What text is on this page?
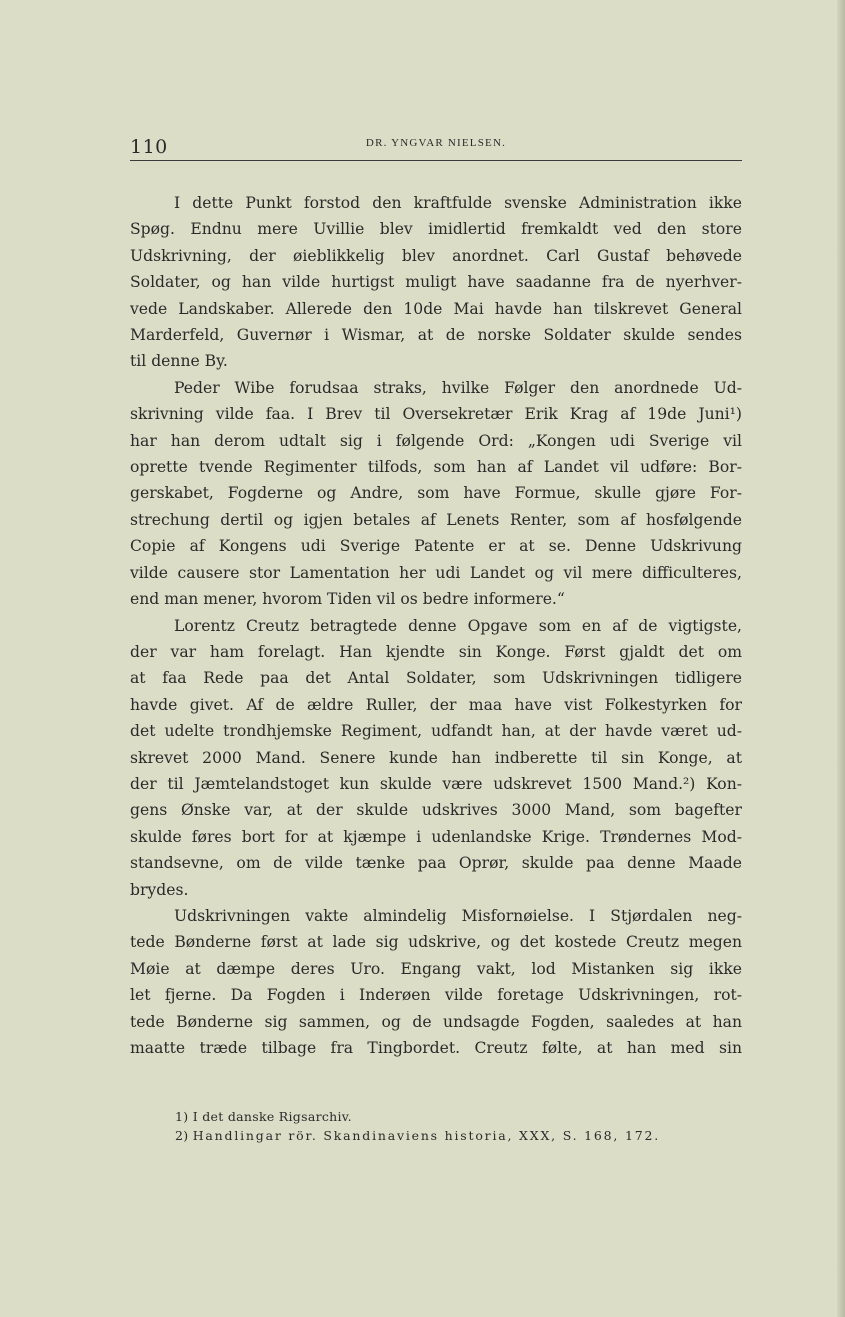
110	DR. YNGVAR NIELSEN.

I dette Punkt forstod den kraftfulde svenske Administration ikke
Spøg. Endnu mere Uvillie blev imidlertid fremkaldt ved den store
Udskrivning, der øieblikkelig blev anordnet. Carl Gustaf behøvede
Soldater, og han vilde hurtigst muligt have saadanne fra de nyerhver-
vede Landskaber. Allerede den 10de Mai havde han tilskrevet General
Marderfeld, Guvernør i Wismar, at de norske Soldater skulde sendes
til denne By.

Peder Wibe forudsaa straks, hvilke Følger den anordnede Ud-
skrivning vilde faa. I Brev til Oversekretær Erik Krag af 19de Juni¹)
har han derom udtalt sig i følgende Ord: „Kongen udi Sverige vil
oprette tvende Regimenter tilfods, som han af Landet vil udføre: Bor-
gerskabet, Fogderne og Andre, som have Formue, skulle gjøre For-
strechung dertil og igjen betales af Lenets Renter, som af hosfølgende
Copie af Kongens udi Sverige Patente er at se. Denne Udskrivung
vilde causere stor Lamentation her udi Landet og vil mere difficulteres,
end man mener, hvorom Tiden vil os bedre informere.“

Lorentz Creutz betragtede denne Opgave som en af de vigtigste,
der var ham forelagt. Han kjendte sin Konge. Først gjaldt det om
at faa Rede paa det Antal Soldater, som Udskrivningen tidligere
havde givet. Af de ældre Ruller, der maa have vist Folkestyrken for
det udelte trondhjemske Regiment, udfandt han, at der havde været ud-
skrevet 2000 Mand. Senere kunde han indberette til sin Konge, at
der til Jæmtelandstoget kun skulde være udskrevet 1500 Mand.²) Kon-
gens Ønske var, at der skulde udskrives 3000 Mand, som bagefter
skulde føres bort for at kjæmpe i udenlandske Krige. Trøndernes Mod-
standsevne, om de vilde tænke paa Oprør, skulde paa denne Maade
brydes.

Udskrivningen vakte almindelig Misfornøielse. I Stjørdalen neg-
tede Bønderne først at lade sig udskrive, og det kostede Creutz megen
Møie at dæmpe deres Uro. Engang vakt, lod Mistanken sig ikke
let fjerne. Da Fogden i Inderøen vilde foretage Udskrivningen, rot-
tede Bønderne sig sammen, og de undsagde Fogden, saaledes at han
maatte træde tilbage fra Tingbordet. Creutz følte, at han med sin

1) I det danske Rigsarchiv.
2) Handlingar rör. Skandinaviens historia, XXX, S. 168, 172.
